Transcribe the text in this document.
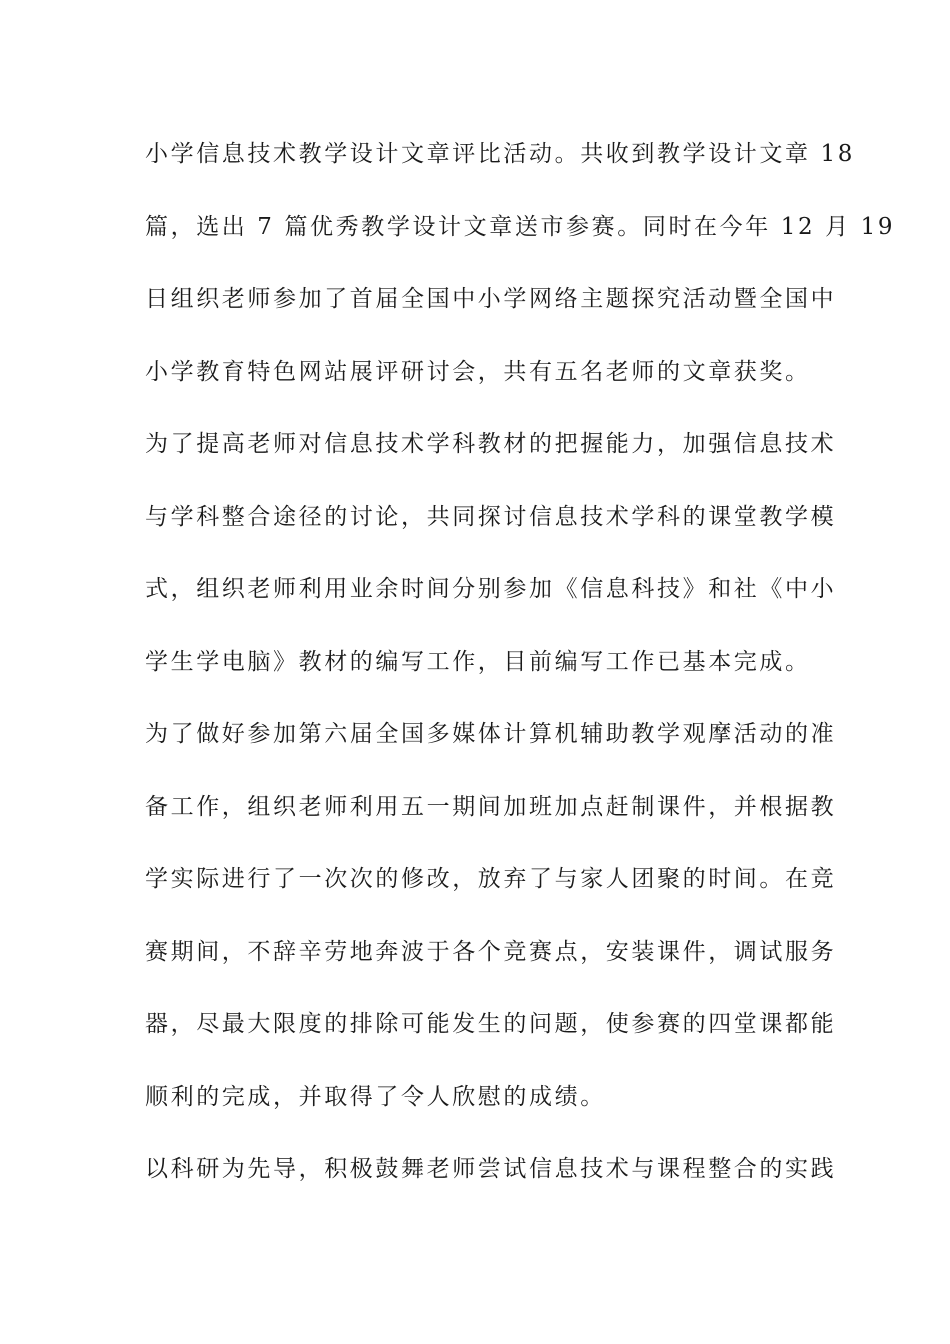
小学信息技术教学设计文章评比活动。共收到教学设计文章 18
篇，选出 7 篇优秀教学设计文章送市参赛。同时在今年 12 月 19
日组织老师参加了首届全国中小学网络主题探究活动暨全国中
小学教育特色网站展评研讨会，共有五名老师的文章获奖。
为了提高老师对信息技术学科教材的把握能力，加强信息技术
与学科整合途径的讨论，共同探讨信息技术学科的课堂教学模
式，组织老师利用业余时间分别参加《信息科技》和社《中小
学生学电脑》教材的编写工作，目前编写工作已基本完成。
为了做好参加第六届全国多媒体计算机辅助教学观摩活动的准
备工作，组织老师利用五一期间加班加点赶制课件，并根据教
学实际进行了一次次的修改，放弃了与家人团聚的时间。在竞
赛期间，不辞辛劳地奔波于各个竞赛点，安装课件，调试服务
器，尽最大限度的排除可能发生的问题，使参赛的四堂课都能
顺利的完成，并取得了令人欣慰的成绩。
以科研为先导，积极鼓舞老师尝试信息技术与课程整合的实践
